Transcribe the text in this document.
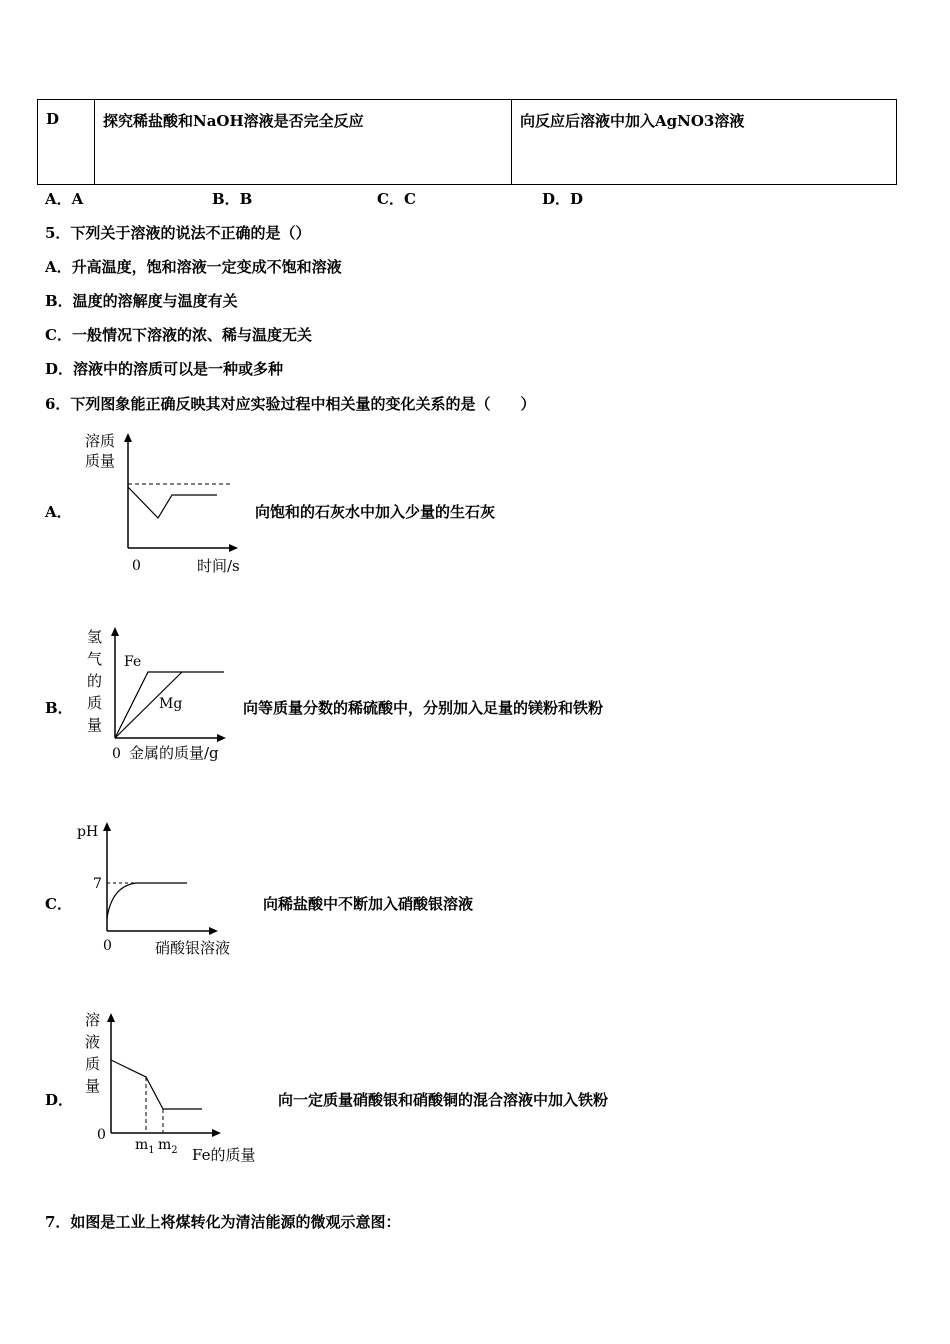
D	探究稀盐酸和NaOH溶液是否完全反应	向反应后溶液中加入AgNO3溶液
A．A	B．B	C．C	D．D
5．下列关于溶液的说法不正确的是（）
A．升高温度，饱和溶液一定变成不饱和溶液
B．温度的溶解度与温度有关
C．一般情况下溶液的浓、稀与温度无关
D．溶液中的溶质可以是一种或多种
6．下列图象能正确反映其对应实验过程中相关量的变化关系的是（　　）
A．
溶质
质量
0	时间/s
向饱和的石灰水中加入少量的生石灰
B．
氢
气
的
质
量
Fe
Mg
0 金属的质量/g
向等质量分数的稀硫酸中，分别加入足量的镁粉和铁粉
C．
pH
7
0	硝酸银溶液
向稀盐酸中不断加入硝酸银溶液
D．
溶
液
质
量
0
$m_1$ $m_2$ Fe的质量
向一定质量硝酸银和硝酸铜的混合溶液中加入铁粉
7．如图是工业上将煤转化为清洁能源的微观示意图：
